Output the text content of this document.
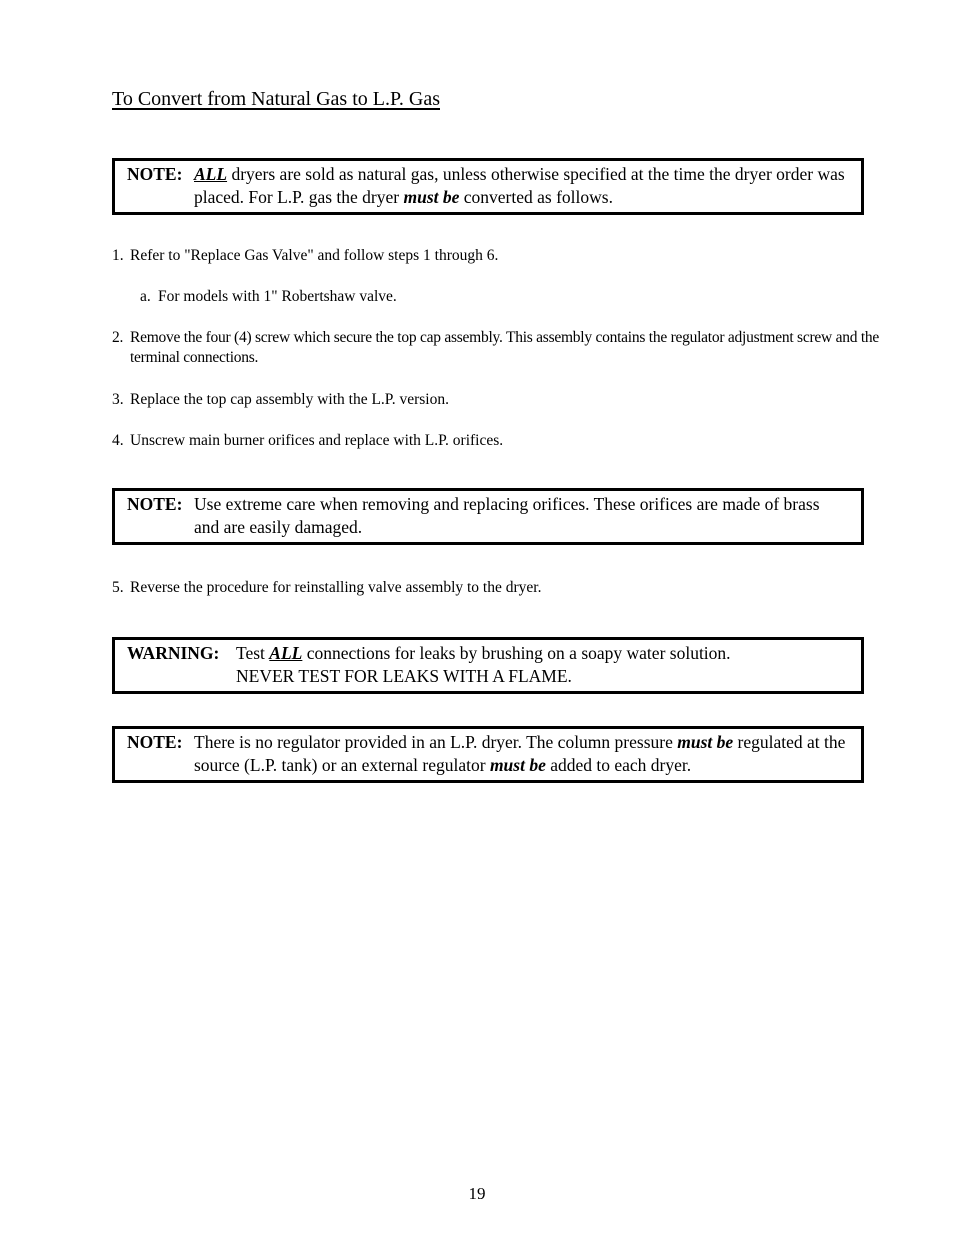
To Convert from Natural Gas to L.P. Gas
NOTE: ALL dryers are sold as natural gas, unless otherwise specified at the time the dryer order was placed. For L.P. gas the dryer must be converted as follows.
1. Refer to "Replace Gas Valve" and follow steps 1 through 6.
a. For models with 1" Robertshaw valve.
2. Remove the four (4) screw which secure the top cap assembly. This assembly contains the regulator adjustment screw and the terminal connections.
3. Replace the top cap assembly with the L.P. version.
4. Unscrew main burner orifices and replace with L.P. orifices.
NOTE: Use extreme care when removing and replacing orifices. These orifices are made of brass and are easily damaged.
5. Reverse the procedure for reinstalling valve assembly to the dryer.
WARNING: Test ALL connections for leaks by brushing on a soapy water solution.
NEVER TEST FOR LEAKS WITH A FLAME.
NOTE: There is no regulator provided in an L.P. dryer. The column pressure must be regulated at the source (L.P. tank) or an external regulator must be added to each dryer.
19
